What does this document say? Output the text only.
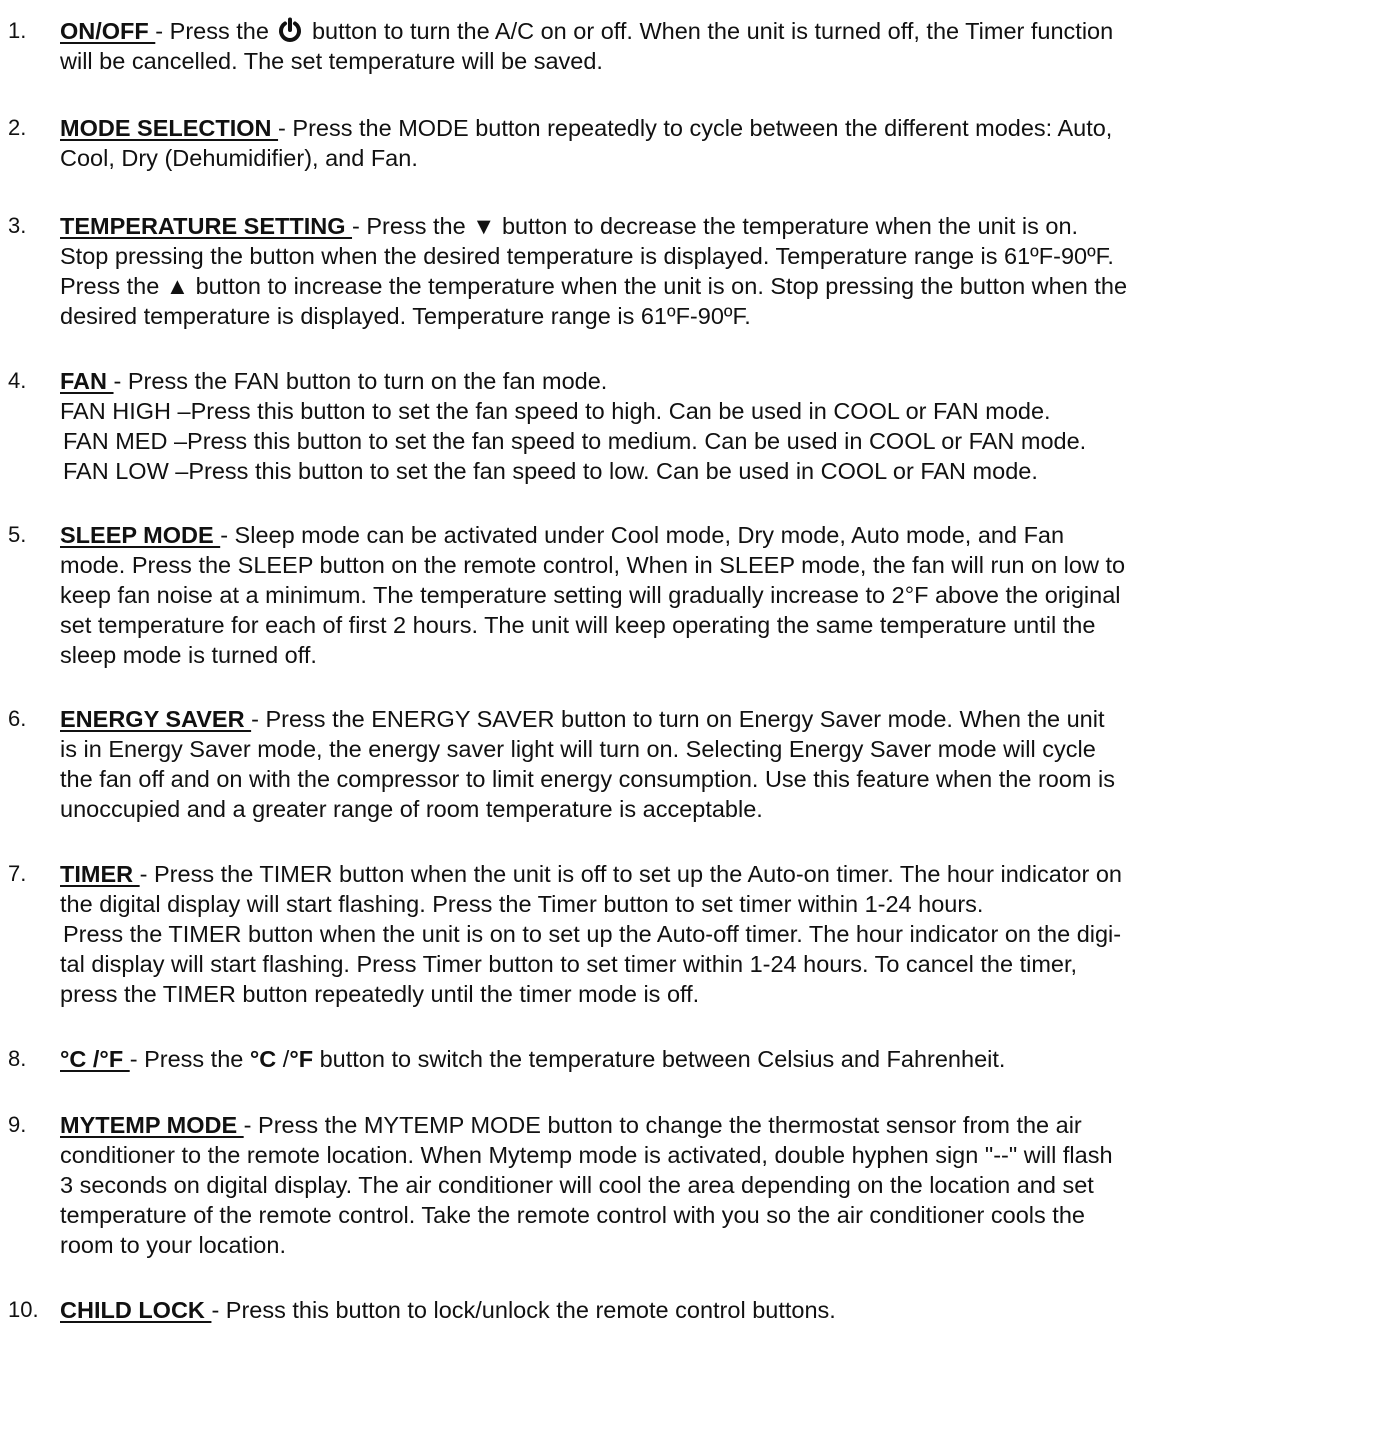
1.	ON/OFF - Press the  button to turn the A/C on or off. When the unit is turned off, the Timer function
will be cancelled. The set temperature will be saved.
2.	MODE SELECTION - Press the MODE button repeatedly to cycle between the different modes: Auto,
Cool, Dry (Dehumidifier), and Fan.
3.	TEMPERATURE SETTING - Press the ▼ button to decrease the temperature when the unit is on.
Stop pressing the button when the desired temperature is displayed. Temperature range is 61ºF-90ºF.
Press the ▲ button to increase the temperature when the unit is on. Stop pressing the button when the
desired temperature is displayed. Temperature range is 61ºF-90ºF.
4.	FAN - Press the FAN button to turn on the fan mode.
FAN HIGH –Press this button to set the fan speed to high. Can be used in COOL or FAN mode.
FAN MED –Press this button to set the fan speed to medium. Can be used in COOL or FAN mode.
FAN LOW –Press this button to set the fan speed to low. Can be used in COOL or FAN mode.
5.	SLEEP MODE - Sleep mode can be activated under Cool mode, Dry mode, Auto mode, and Fan
mode. Press the SLEEP button on the remote control, When in SLEEP mode, the fan will run on low to
keep fan noise at a minimum. The temperature setting will gradually increase to 2°F above the original
set temperature for each of first 2 hours. The unit will keep operating the same temperature until the
sleep mode is turned off.
6.	ENERGY SAVER - Press the ENERGY SAVER button to turn on Energy Saver mode. When the unit
is in Energy Saver mode, the energy saver light will turn on. Selecting Energy Saver mode will cycle
the fan off and on with the compressor to limit energy consumption. Use this feature when the room is
unoccupied and a greater range of room temperature is acceptable.
7.	TIMER - Press the TIMER button when the unit is off to set up the Auto-on timer. The hour indicator on
the digital display will start flashing. Press the Timer button to set timer within 1-24 hours.
Press the TIMER button when the unit is on to set up the Auto-off timer. The hour indicator on the digi-
tal display will start flashing. Press Timer button to set timer within 1-24 hours. To cancel the timer,
press the TIMER button repeatedly until the timer mode is off.
8.	°C /°F - Press the °C /°F button to switch the temperature between Celsius and Fahrenheit.
9.	MYTEMP MODE - Press the MYTEMP MODE button to change the thermostat sensor from the air
conditioner to the remote location. When Mytemp mode is activated, double hyphen sign "--" will flash
3 seconds on digital display. The air conditioner will cool the area depending on the location and set
temperature of the remote control. Take the remote control with you so the air conditioner cools the
room to your location.
10. CHILD LOCK - Press this button to lock/unlock the remote control buttons.
